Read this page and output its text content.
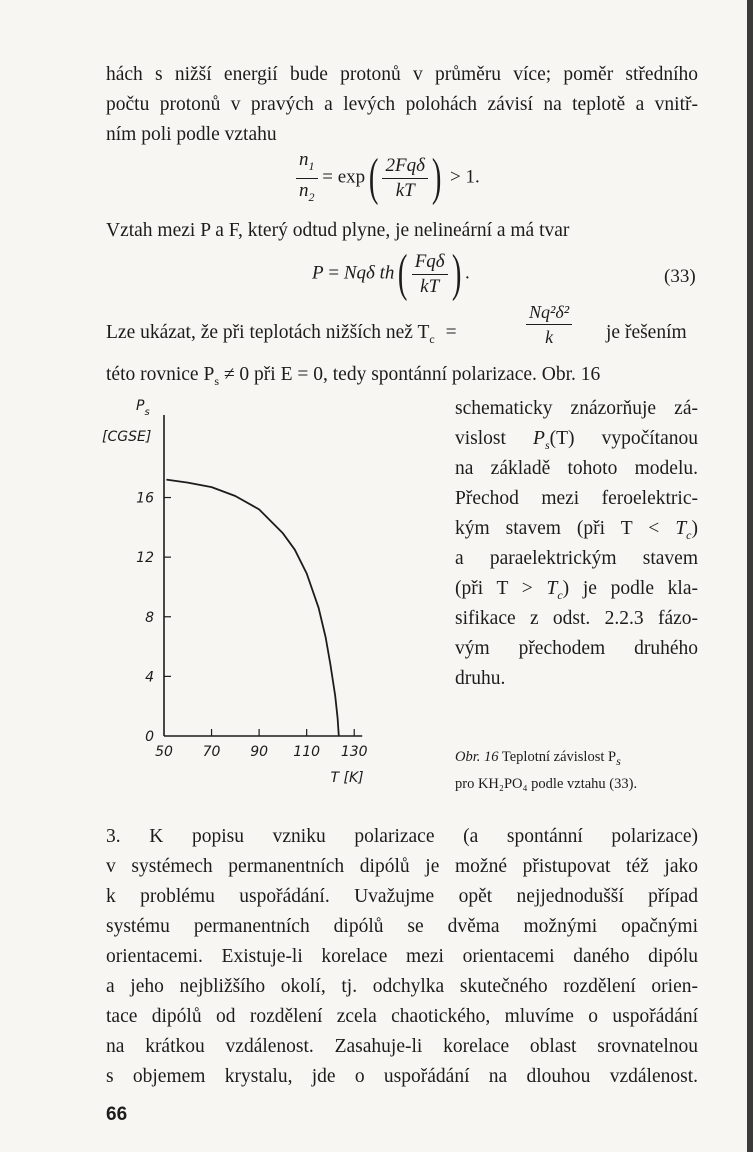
hách s nižší energií bude protonů v průměru více; poměr středního
počtu protonů v pravých a levých polohách závisí na teplotě a vnitř-
ním poli podle vztahu
$\frac{n_1}{n_2} = \exp( \frac{\text{2Fqδ}}{kT}$ ) > 1.
Vztah mezi P a F, který odtud plyne, je nelineární a má tvar
P = Nqδ $th( \frac{\text{Fqδ}}{kT}$ ) .	(33)
Lze ukázat, že při teplotách nižších než $T_c$ =	$\frac{\text{Nq²δ²}}{k}$ je řešením
této rovnice $P_s \ne 0$ při E = 0, tedy spontánní polarizace. Obr. 16
schematicky znázorňuje zá-
vislost $P_s(T)$ vypočítanou
na základě tohoto modelu.
Přechod mezi feroelektric-
kým stavem (při $T < T_c$)
a paraelektrickým stavem
(při $T > T_c$) je podle kla-
sifikace z odst. 2.2.3 fázo-
vým přechodem druhého
druhu.
0
4
8
12
16
50 70 90 110 130
$P_s$
[CGSE]
T [K]
Obr. 16 Teplotní závislost $P_s$
pro KH₂PO₄ podle vztahu (33).
3. K popisu vzniku polarizace (a spontánní polarizace)
v systémech permanentních dipólů je možné přistupovat též jako
k problému uspořádání. Uvažujme opět nejjednodušší případ
systému permanentních dipólů se dvěma možnými opačnými
orientacemi. Existuje-li korelace mezi orientacemi daného dipólu
a jeho nejbližšího okolí, tj. odchylka skutečného rozdělení orien-
tace dipólů od rozdělení zcela chaotického, mluvíme o uspořádání
na krátkou vzdálenost. Zasahuje-li korelace oblast srovnatelnou
s objemem krystalu, jde o uspořádání na dlouhou vzdálenost.
66
